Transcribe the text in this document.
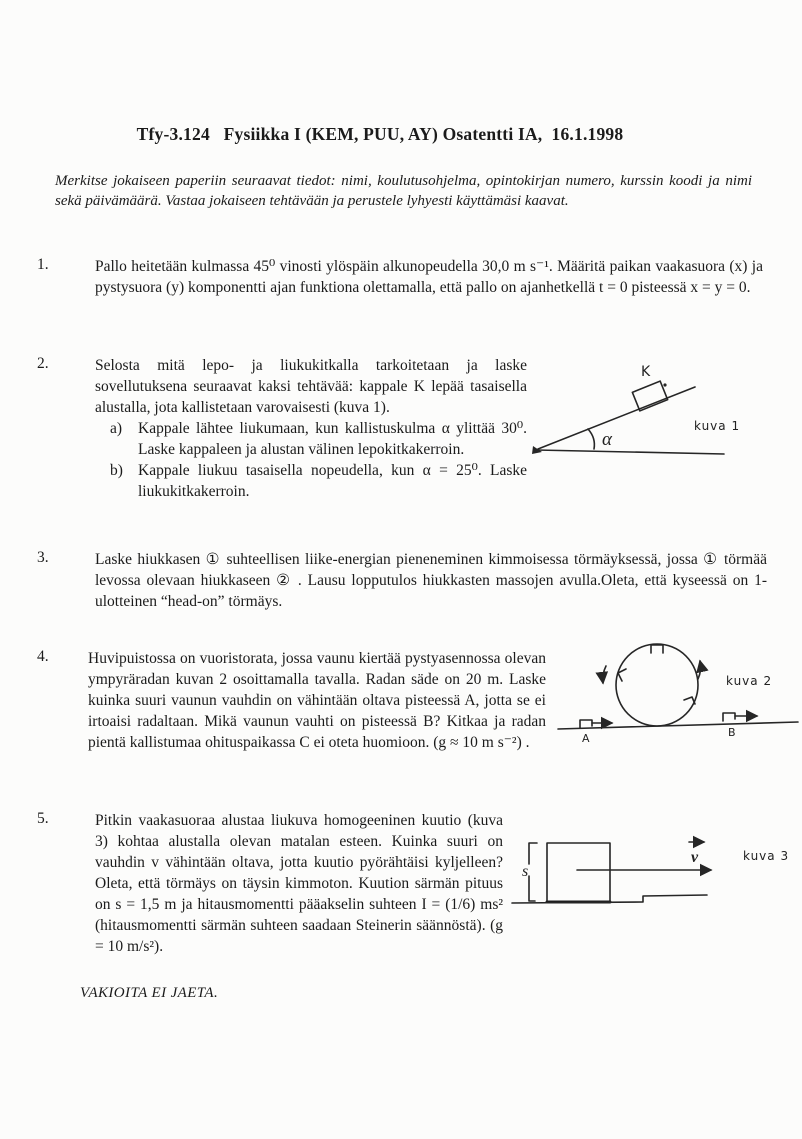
Tfy-3.124   Fysiikka I (KEM, PUU, AY) Osatentti IA,  16.1.1998

Merkitse jokaiseen paperiin seuraavat tiedot: nimi, koulutusohjelma, opintokirjan numero, kurssin koodi ja nimi sekä päivämäärä. Vastaa jokaiseen tehtävään ja perustele lyhyesti käyttämäsi kaavat.

1.	Pallo heitetään kulmassa 45⁰ vinosti ylöspäin alkunopeudella 30,0 m s⁻¹. Määritä paikan vaakasuora (x) ja pystysuora (y) komponentti ajan funktiona olettamalla, että pallo on ajanhetkellä t = 0 pisteessä x = y = 0.

2.	Selosta mitä lepo- ja liukukitkalla tarkoitetaan ja laske sovellutuksena seuraavat kaksi tehtävää: kappale K lepää tasaisella alustalla, jota kallistetaan varovaisesti (kuva 1).

a)	Kappale lähtee liukumaan, kun kallistuskulma α ylittää 30⁰. Laske kappaleen ja alustan välinen lepokitkakerroin.

b) Kappale liukuu tasaisella nopeudella, kun α = 25⁰. Laske liukukitkakerroin.

K
α
kuva 1
3.	Laske hiukkasen ① suhteellisen liike-energian pieneneminen kimmoisessa törmäyksessä, jossa ① törmää levossa olevaan hiukkaseen ② . Lausu lopputulos hiukkasten massojen avulla.Oleta, että kyseessä on 1-ulotteinen “head-on” törmäys.

4.	Huvipuistossa on vuoristorata, jossa vaunu kiertää pystyasennossa olevan ympyräradan kuvan 2 osoittamalla tavalla. Radan säde on 20 m. Laske kuinka suuri vaunun vauhdin on vähintään oltava pisteessä A, jotta se ei irtoaisi radaltaan. Mikä vaunun vauhti on pisteessä B? Kitkaa ja radan pientä kallistumaa ohituspaikassa C ei oteta huomioon. (g ≈ 10 m s⁻²) .	A	B
kuva 2
5.	Pitkin vaakasuoraa alustaa liukuva homogeeninen kuutio (kuva 3) kohtaa alustalla olevan matalan esteen. Kuinka suuri on vauhdin v vähintään oltava, jotta kuutio pyörähtäisi kyljelleen? Oleta, että törmäys on täysin kimmoton. Kuution särmän pituus on s = 1,5 m ja hitausmomentti pääakselin suhteen I = (1/6) ms² (hitausmomentti särmän suhteen saadaan Steinerin säännöstä). (g = 10 m/s²).

v
s
kuva 3
VAKIOITA EI JAETA.
